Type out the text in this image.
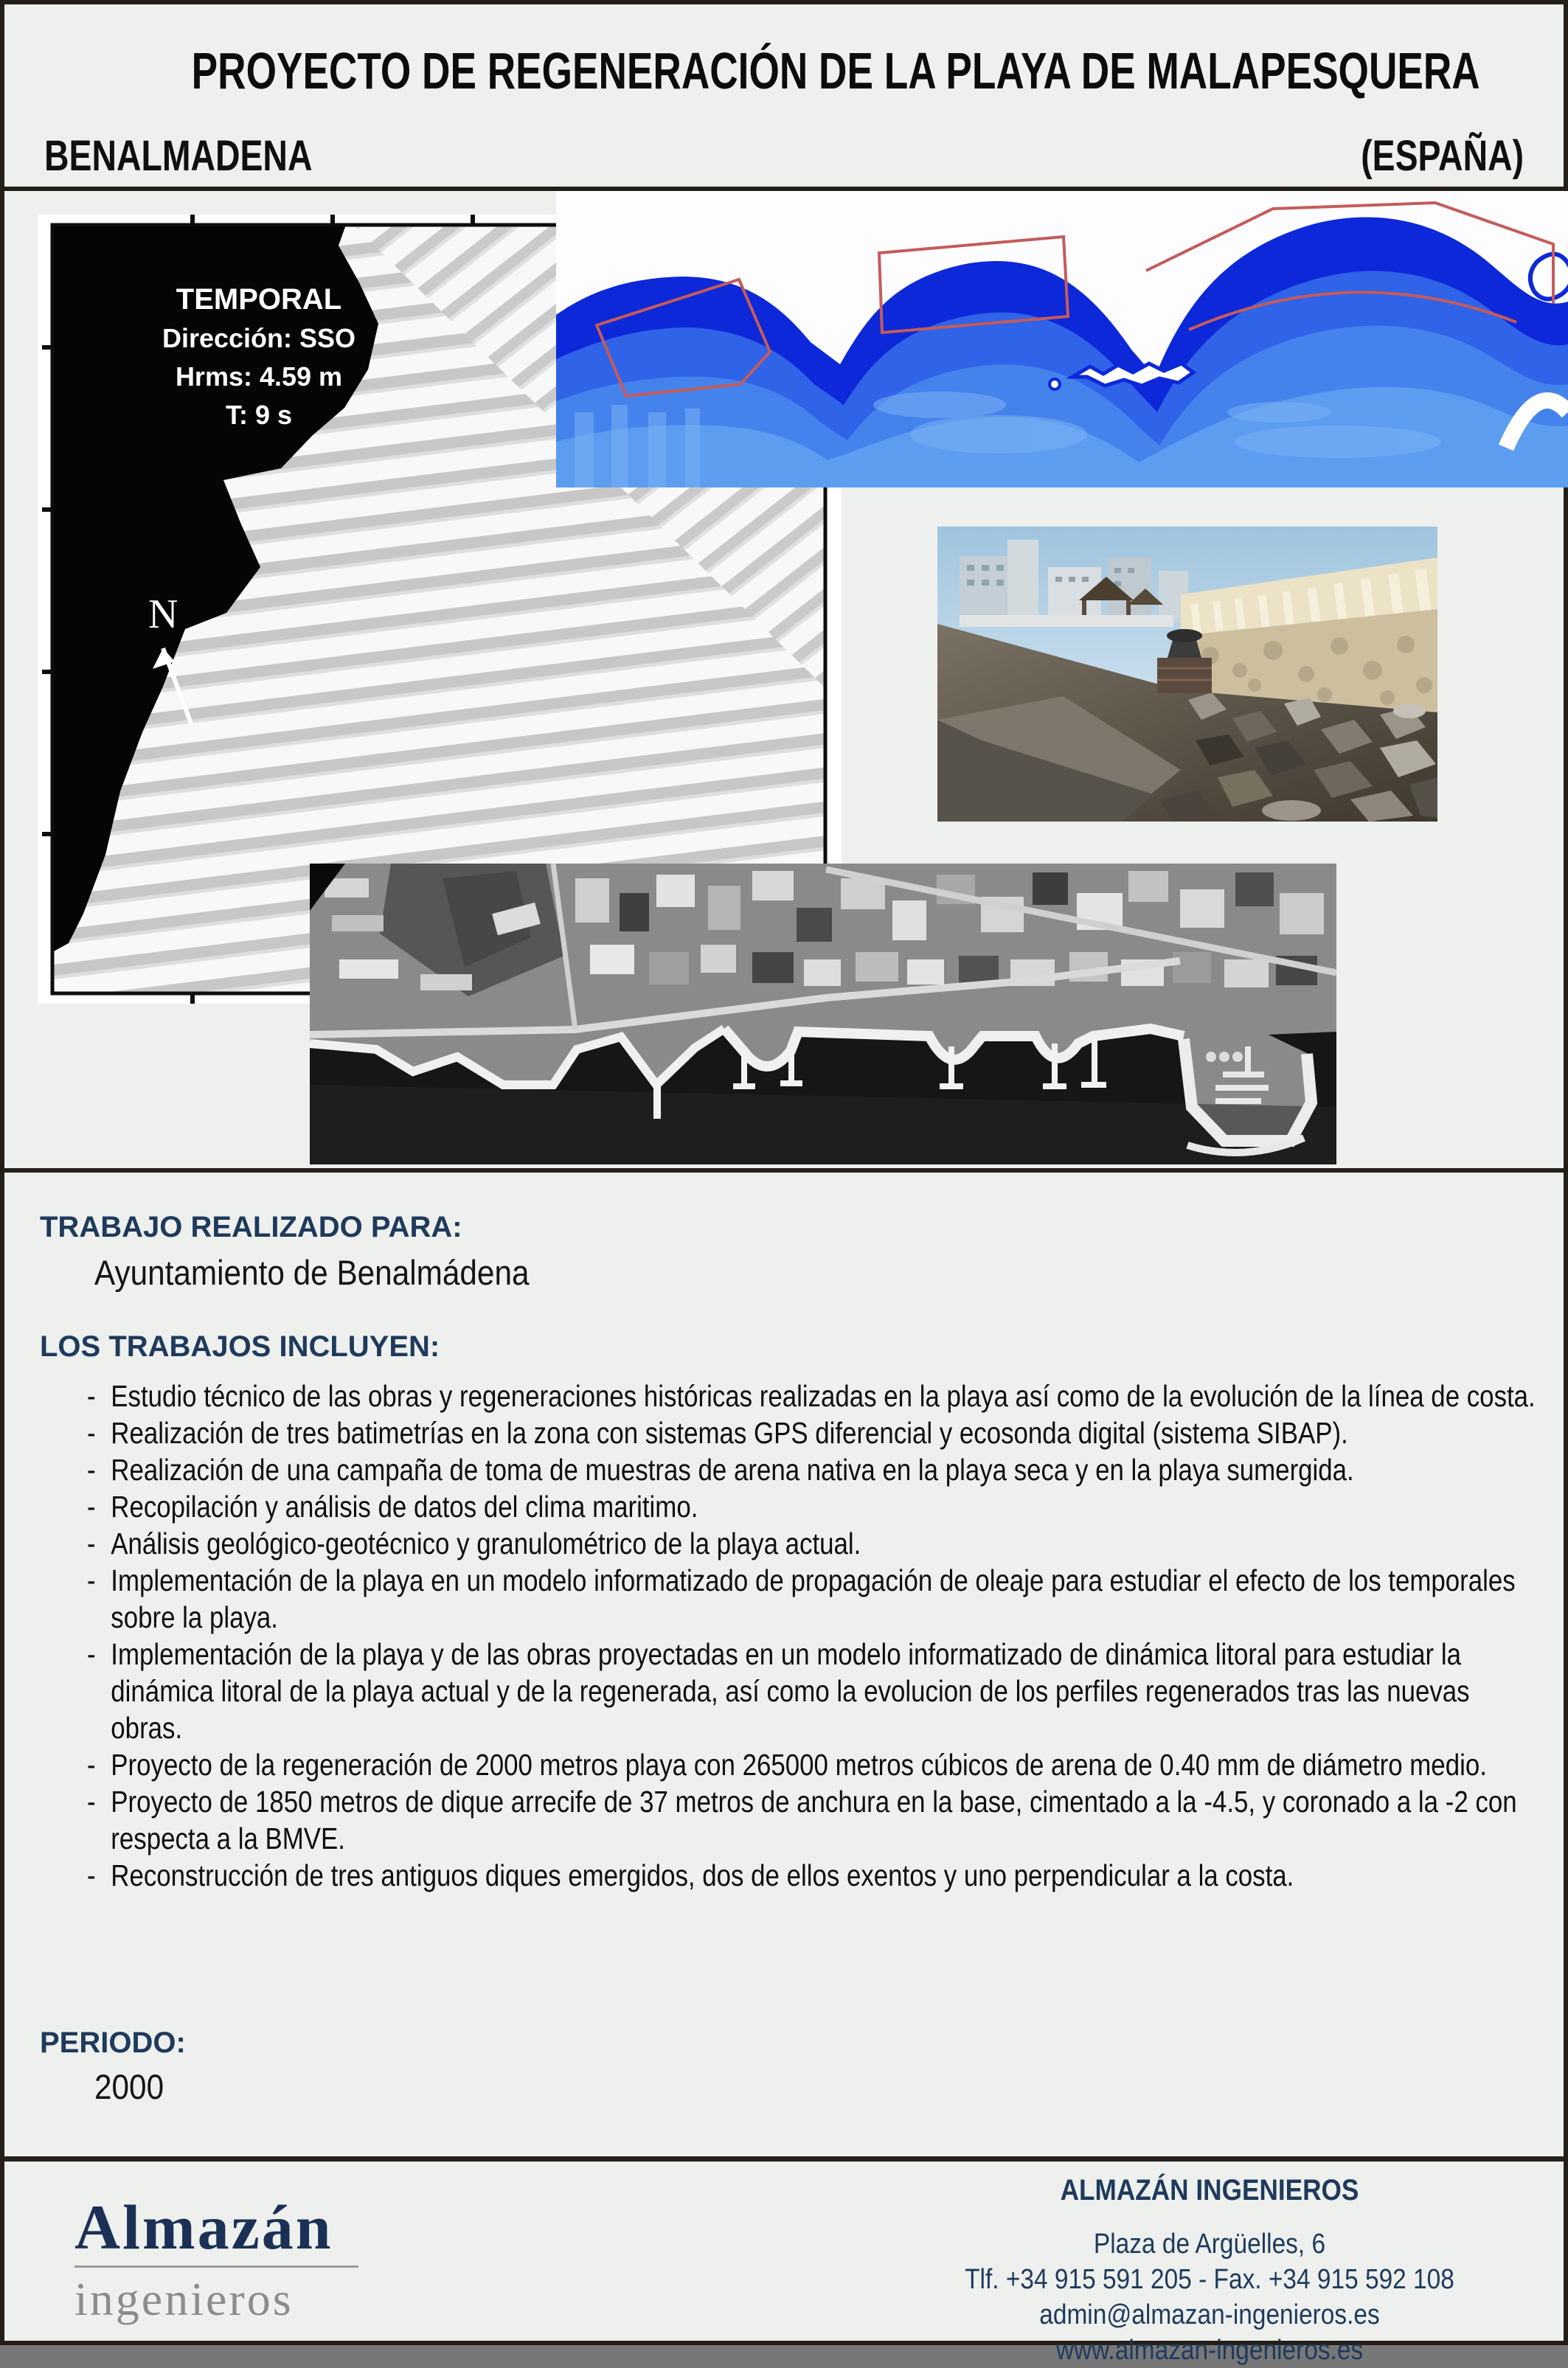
PROYECTO DE REGENERACIÓN DE LA PLAYA DE MALAPESQUERA
BENALMADENA	(ESPAÑA)
TEMPORAL
Dirección: SSO
Hrms: 4.59 m
T: 9 s
N
TRABAJO REALIZADO PARA:
Ayuntamiento de Benalmádena
LOS TRABAJOS INCLUYEN:
- Estudio técnico de las obras y regeneraciones históricas realizadas en la playa así como de la evolución de la línea de costa.
- Realización de tres batimetrías en la zona con sistemas GPS diferencial y ecosonda digital (sistema SIBAP).
- Realización de una campaña de toma de muestras de arena nativa en la playa seca y en la playa sumergida.
- Recopilación y análisis de datos del clima maritimo.
- Análisis geológico-geotécnico y granulométrico de la playa actual.
- Implementación de la playa en un modelo informatizado de propagación de oleaje para estudiar el efecto de los temporales sobre la playa.
- Implementación de la playa y de las obras proyectadas en un modelo informatizado de dinámica litoral para estudiar la dinámica litoral de la playa actual y de la regenerada, así como la evolucion de los perfiles regenerados tras las nuevas obras.
- Proyecto de la regeneración de 2000 metros playa con 265000 metros cúbicos de arena de 0.40 mm de diámetro medio.
- Proyecto de 1850 metros de dique arrecife de 37 metros de anchura en la base, cimentado a la -4.5, y coronado a la -2 con respecta a la BMVE.
- Reconstrucción de tres antiguos diques emergidos, dos de ellos exentos y uno perpendicular a la costa.
PERIODO:
2000
Almazán
ingenieros
ALMAZÁN INGENIEROS
Plaza de Argüelles, 6
Tlf. +34 915 591 205 - Fax. +34 915 592 108
admin@almazan-ingenieros.es
www.almazan-ingenieros.es
